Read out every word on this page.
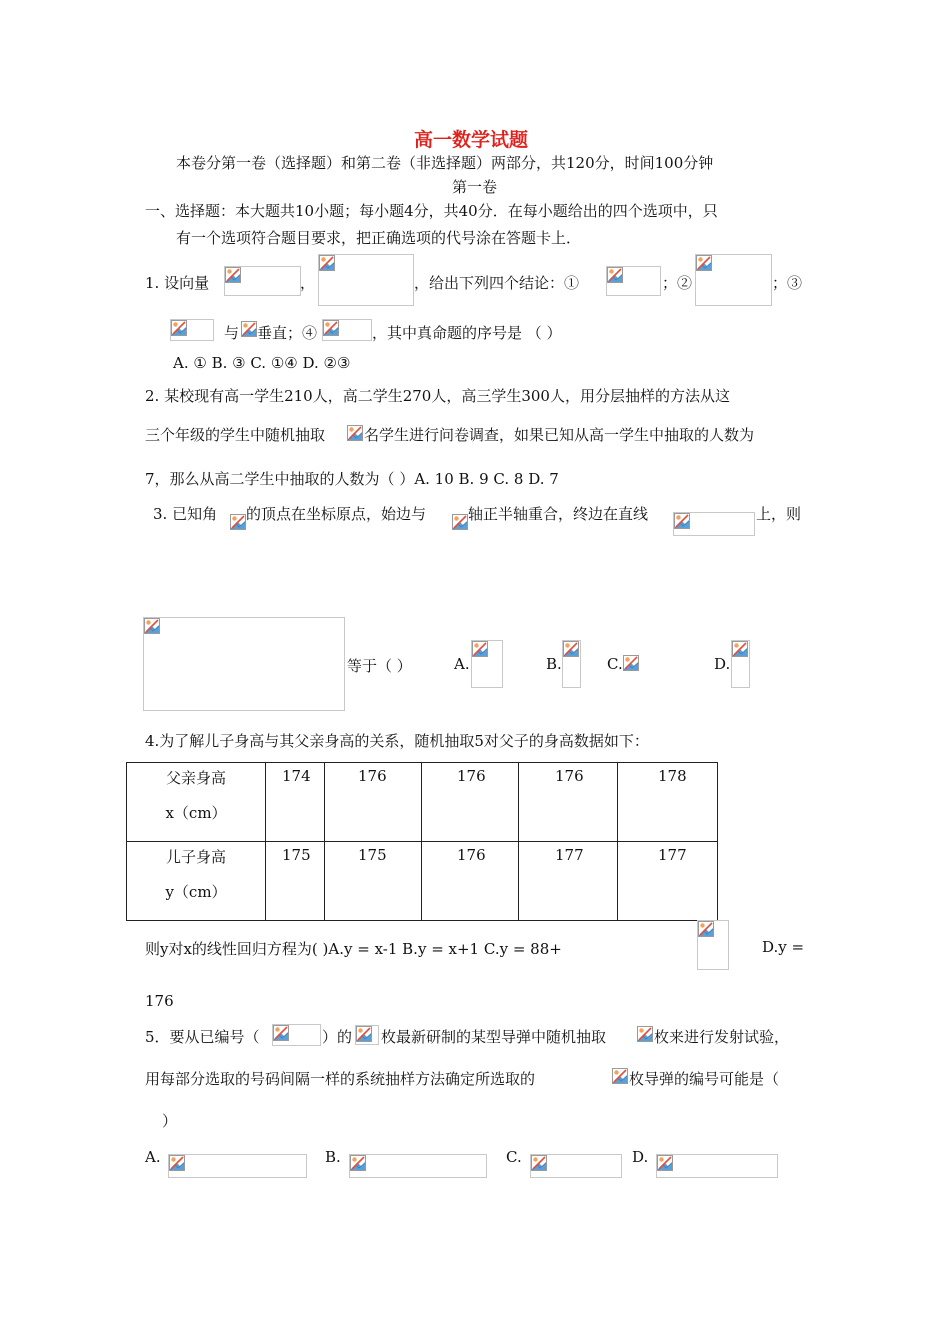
高一数学试题
本卷分第一卷（选择题）和第二卷（非选择题）两部分，共120分，时间100分钟
第一卷
一、选择题：本大题共10小题；每小题4分，共40分．在每小题给出的四个选项中，只
有一个选项符合题目要求，把正确选项的代号涂在答题卡上．
1. 设向量	，	，给出下列四个结论：①	；②	；③
与 垂直；④	，其中真命题的序号是 （ ）
A. ① B. ③ C. ①④ D. ②③
2. 某校现有高一学生210人，高二学生270人，高三学生300人，用分层抽样的方法从这
三个年级的学生中随机抽取	名学生进行问卷调查，如果已知从高一学生中抽取的人数为
7，那么从高二学生中抽取的人数为（ ）A. 10 B. 9 C. 8 D. 7
3. 已知角 的顶点在坐标原点，始边与	轴正半轴重合，终边在直线	上，则
等于（ ）	A.	B.	C.	D.
4.为了解儿子身高与其父亲身高的关系，随机抽取5对父子的身高数据如下：
父亲身高
x（cm）	174	176	176	176	178

儿子身高
y（cm）	175	175	176	177	177
则y对x的线性回归方程为( )A.y = x-1 B.y = x+1 C.y = 88+	D.y =
176
5．要从已编号（	）的 枚最新研制的某型导弹中随机抽取	枚来进行发射试验，
用每部分选取的号码间隔一样的系统抽样方法确定所选取的	枚导弹的编号可能是（
）
A.	B.	C.	D.
